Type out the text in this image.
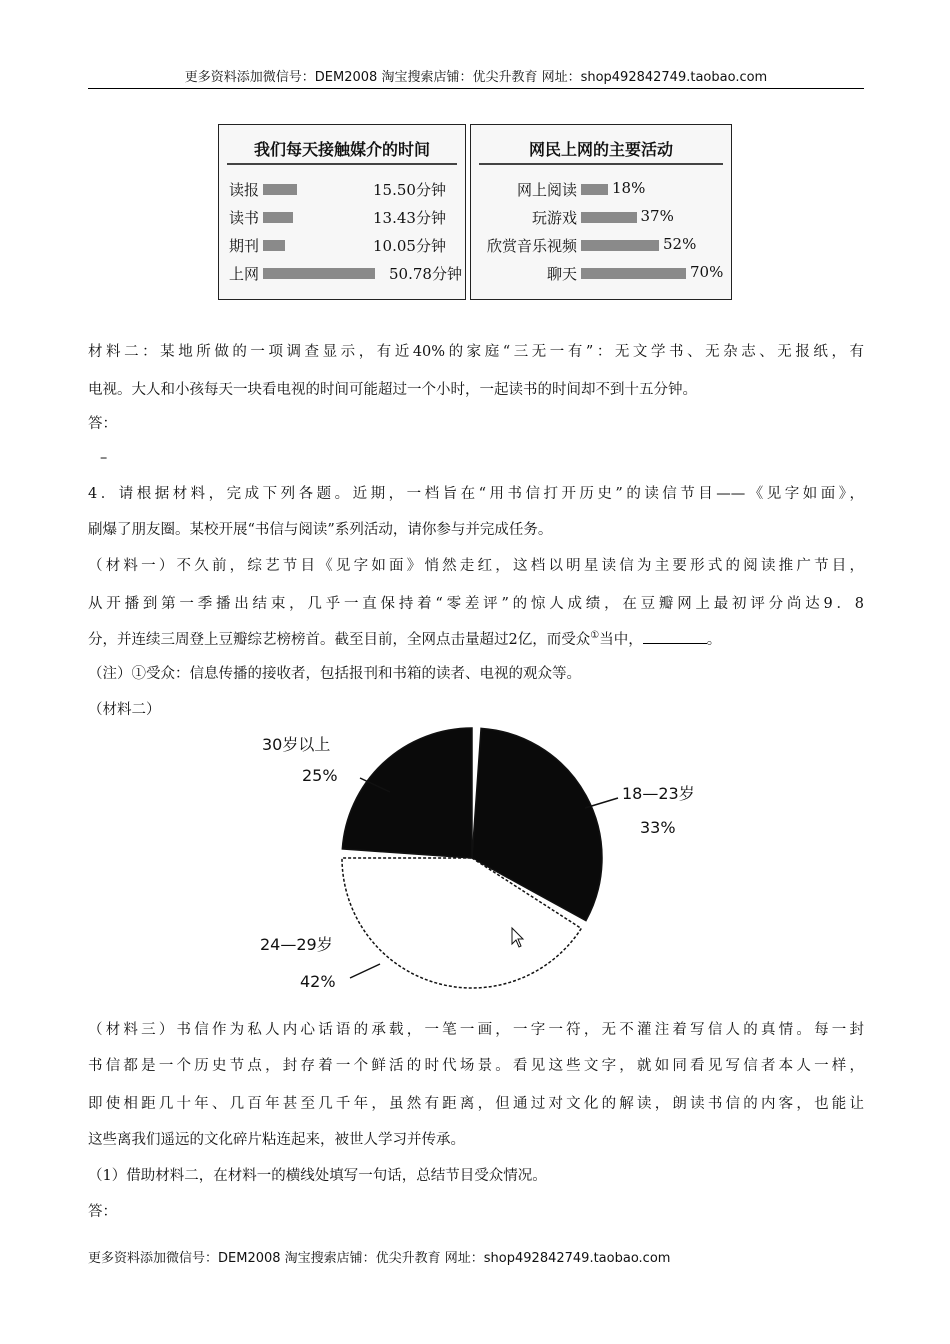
更多资料添加微信号：DEM2008 淘宝搜索店铺：优尖升教育 网址：shop492842749.taobao.com
我们每天接触媒介的时间
读报	15.50分钟
读书	13.43分钟
期刊	10.05分钟
上网	50.78分钟
网民上网的主要活动
网上阅读 18%
玩游戏	37%
欣赏音乐视频	52%
聊天	70%
材料二：某地所做的一项调查显示，有近40%的家庭“三无一有”：无文学书、无杂志、无报纸，有
电视。大人和小孩每天一块看电视的时间可能超过一个小时，一起读书的时间却不到十五分钟。
答：
–
4．请根据材料，完成下列各题。近期，一档旨在“用书信打开历史”的读信节目——《见字如面》，
刷爆了朋友圈。某校开展“书信与阅读”系列活动，请你参与并完成任务。
（材料一）不久前，综艺节目《见字如面》悄然走红，这档以明星读信为主要形式的阅读推广节目，
从开播到第一季播出结束，几乎一直保持着“零差评”的惊人成绩，在豆瓣网上最初评分尚达9．8
分，并连续三周登上豆瓣综艺榜榜首。截至目前，全网点击量超过2亿，而受众①当中，	。
（注）①受众：信息传播的接收者，包括报刊和书箱的读者、电视的观众等。
（材料二）
30岁以上
25%
18—23岁
33%
24—29岁
42%
（材料三）书信作为私人内心话语的承载，一笔一画，一字一符，无不灌注着写信人的真情。每一封
书信都是一个历史节点，封存着一个鲜活的时代场景。看见这些文字，就如同看见写信者本人一样，
即使相距几十年、几百年甚至几千年，虽然有距离，但通过对文化的解读，朗读书信的内客，也能让
这些离我们遥远的文化碎片粘连起来，被世人学习并传承。
（1）借助材料二，在材料一的横线处填写一句话，总结节目受众情况。
答：
更多资料添加微信号：DEM2008 淘宝搜索店铺：优尖升教育 网址：shop492842749.taobao.com
